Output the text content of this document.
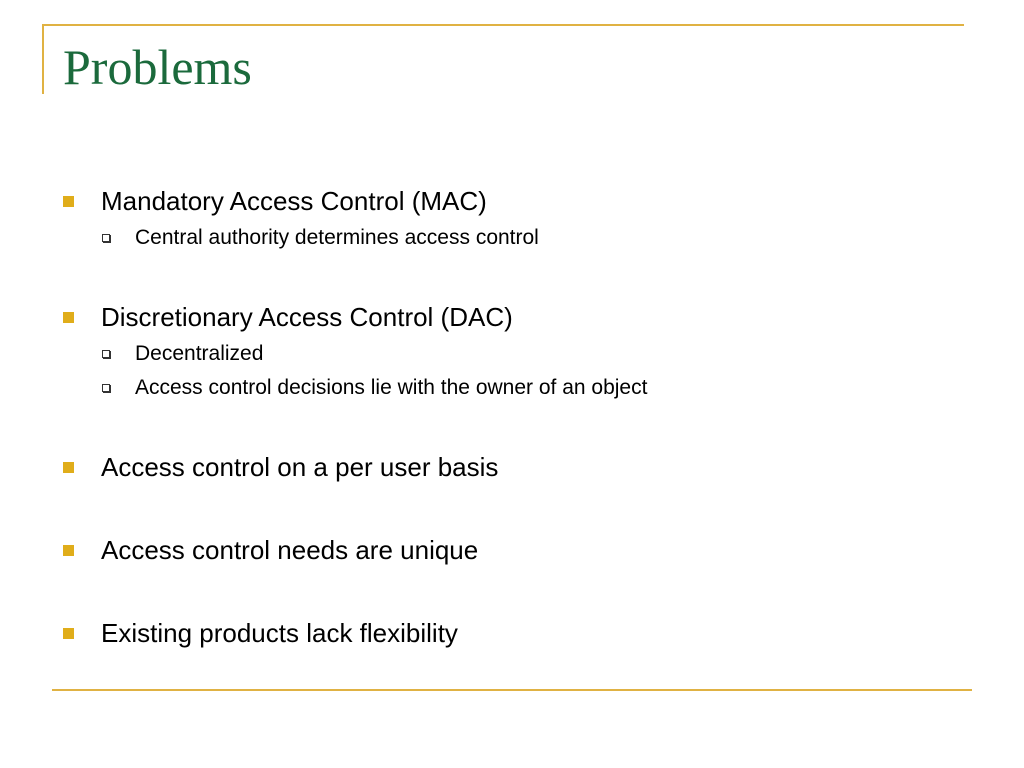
Problems
Mandatory Access Control (MAC)
Central authority determines access control
Discretionary Access Control (DAC)
Decentralized
Access control decisions lie with the owner of an object
Access control on a per user basis
Access control needs are unique
Existing products lack flexibility
